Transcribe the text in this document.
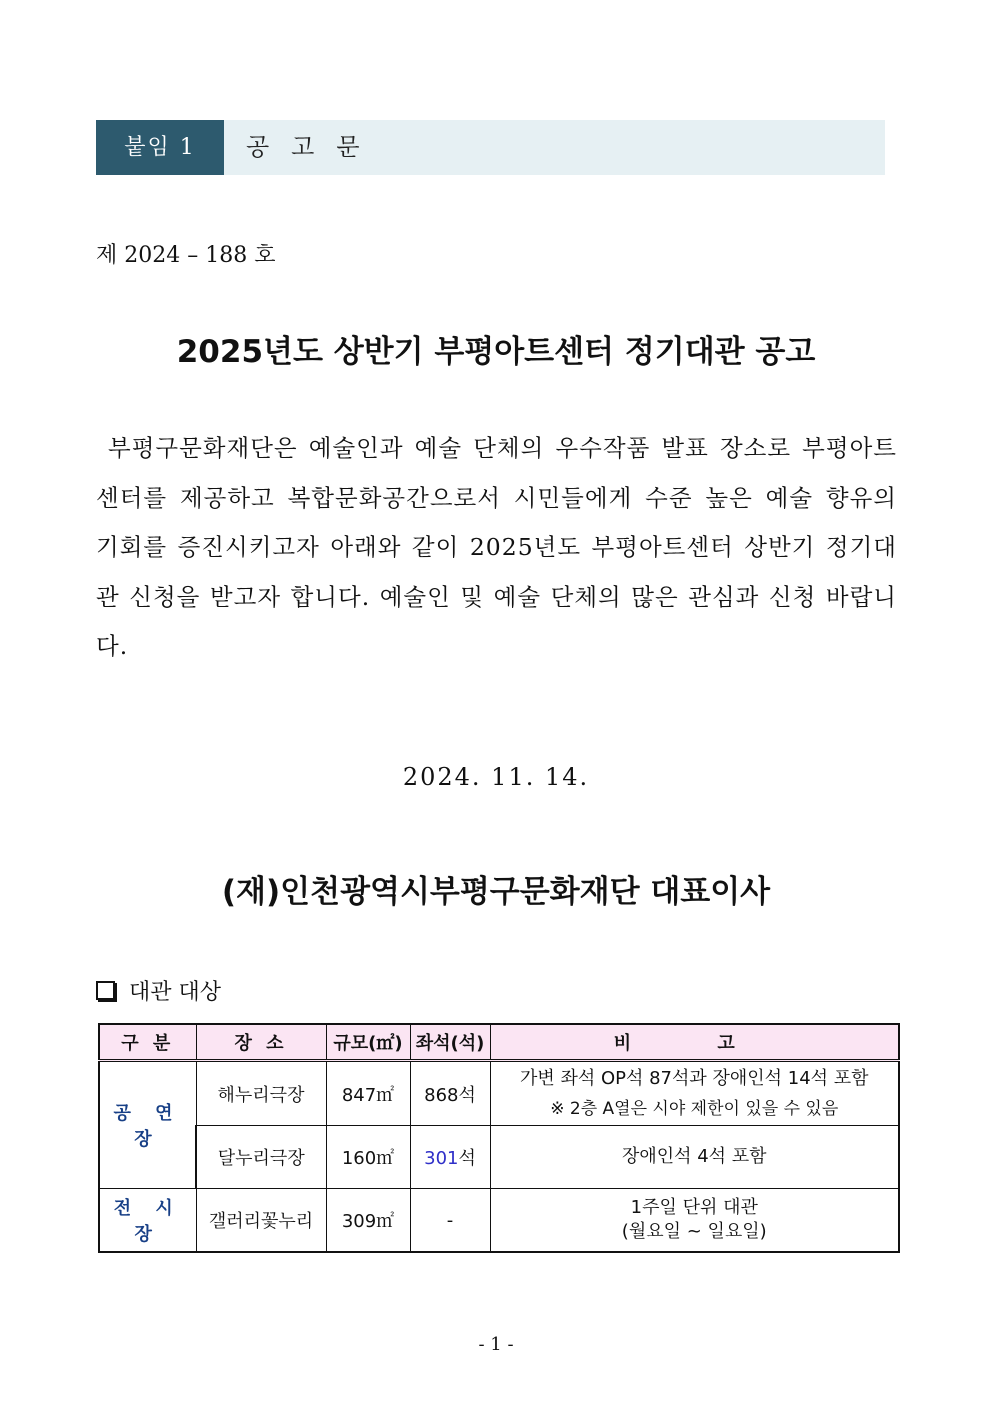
붙임 1	공고문
제 2024 – 188 호
2025년도 상반기 부평아트센터 정기대관 공고
부평구문화재단은 예술인과 예술 단체의 우수작품 발표 장소로 부평아트센터를 제공하고 복합문화공간으로서 시민들에게 수준 높은 예술 향유의 기회를 증진시키고자 아래와 같이 2025년도 부평아트센터 상반기 정기대관 신청을 받고자 합니다. 예술인 및 예술 단체의 많은 관심과 신청 바랍니다.
2024. 11. 14.
(재)인천광역시부평구문화재단 대표이사
대관 대상
구 분	장 소	규모(㎡)	좌석(석)	비 고
공 연 장	해누리극장	847㎡	868석	가변 좌석 OP석 87석과 장애인석 14석 포함
※ 2층 A열은 시야 제한이 있을 수 있음

	달누리극장	160㎡	301석	장애인석 4석 포함

전 시 장	갤러리꽃누리	309㎡	-	1주일 단위 대관
(월요일 ~ 일요일)
- 1 -
